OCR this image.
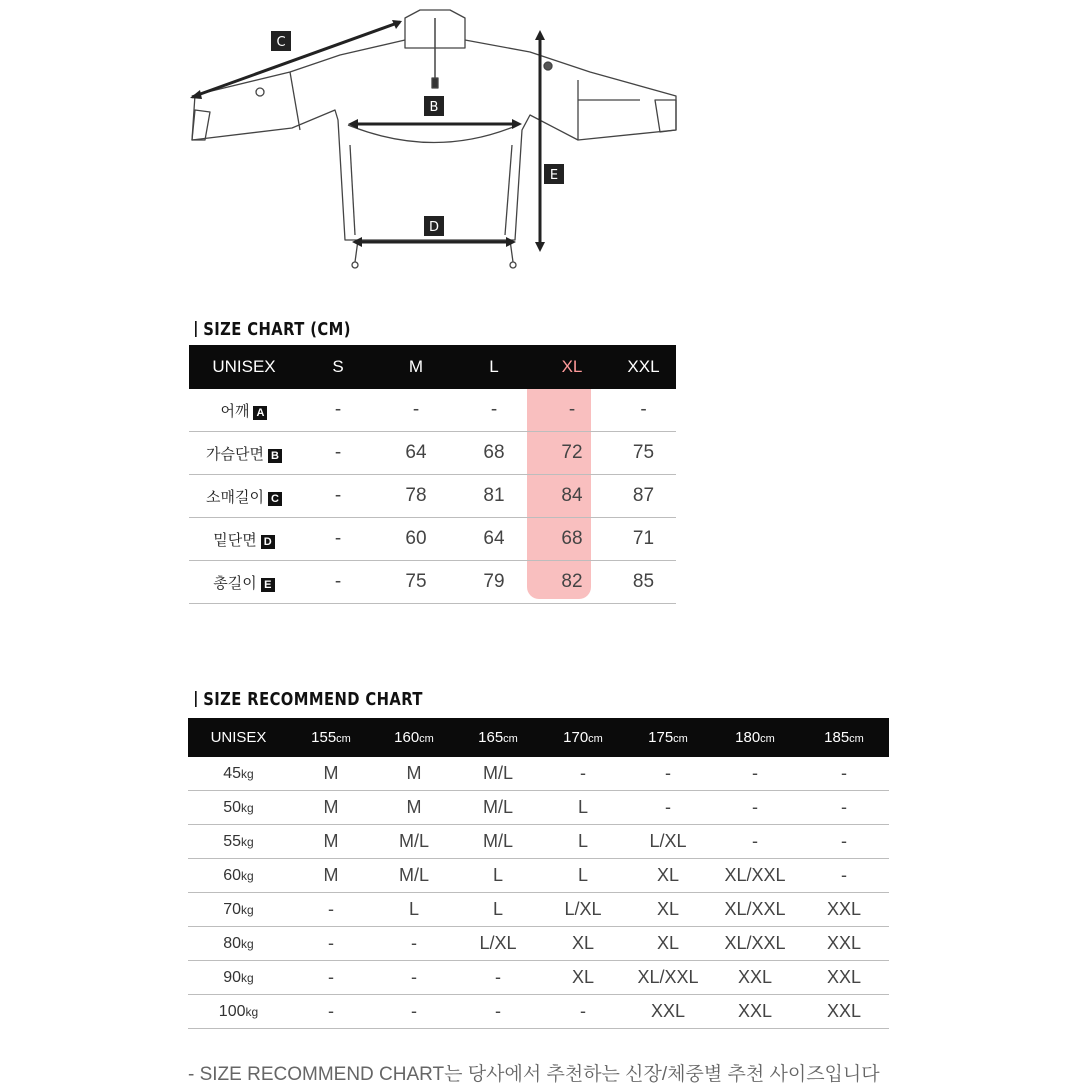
C
B
E
D
SIZE CHART (CM)
UNISEX	S	M	L	XL	XXL
어깨 A	-	-	-	-	-
가슴단면 B	-	64	68	72	75
소매길이 C	-	78	81	84	87
밑단면 D	-	60	64	68	71
총길이 E	-	75	79	82	85
SIZE RECOMMEND CHART
UNISEX	155cm	160cm	165cm	170cm	175cm	180cm	185cm
45kg	M	M	M/L	-	-	-	-
50kg	M	M	M/L	L	-	-	-
55kg	M	M/L	M/L	L	L/XL	-	-
60kg	M	M/L	L	L	XL	XL/XXL	-
70kg	-	L	L	L/XL	XL	XL/XXL	XXL
80kg	-	-	L/XL	XL	XL	XL/XXL	XXL
90kg	-	-	-	XL	XL/XXL	XXL	XXL
100kg	-	-	-	-	XXL	XXL	XXL
- SIZE RECOMMEND CHART는 당사에서 추천하는 신장/체중별 추천 사이즈입니다
